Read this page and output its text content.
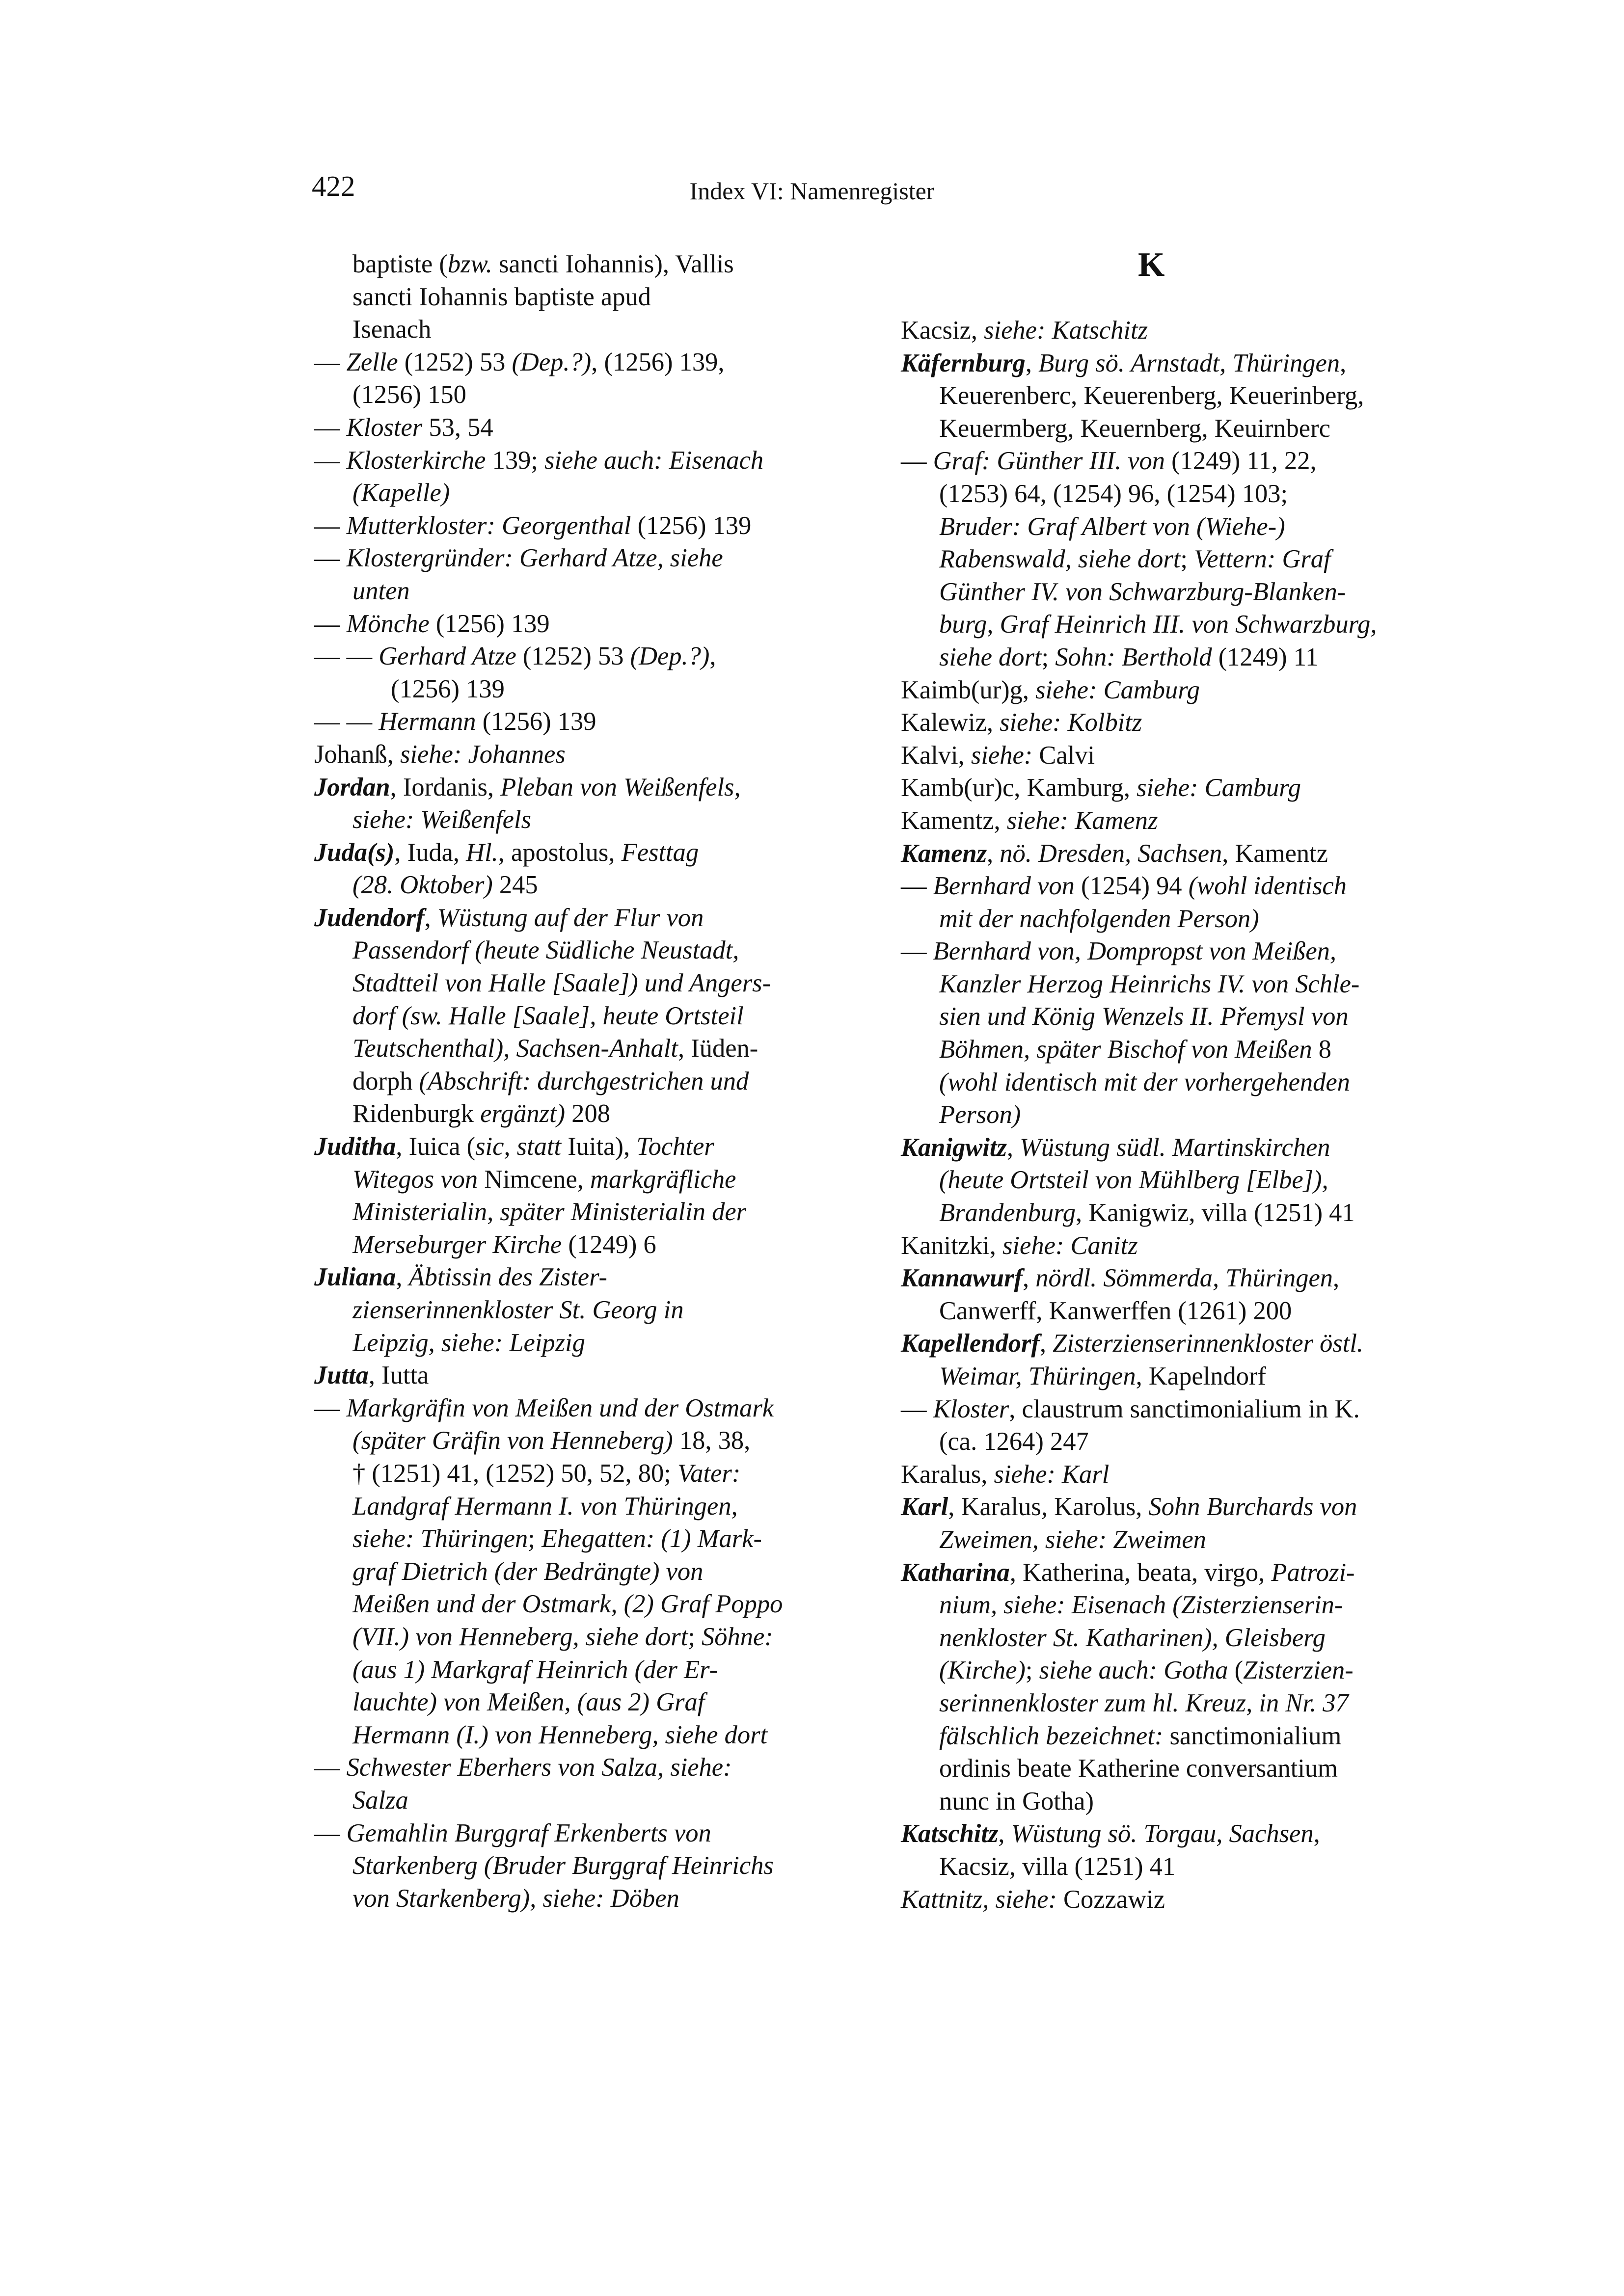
422	Index VI: Namenregister
baptiste (bzw. sancti Iohannis), Vallis
sancti Iohannis baptiste apud
Isenach
— Zelle (1252) 53 (Dep.?), (1256) 139,
(1256) 150
— Kloster 53, 54
— Klosterkirche 139; siehe auch: Eisenach
(Kapelle)
— Mutterkloster: Georgenthal (1256) 139
— Klostergründer: Gerhard Atze, siehe
unten
— Mönche (1256) 139
— — Gerhard Atze (1252) 53 (Dep.?),
(1256) 139
— — Hermann (1256) 139
Johanß, siehe: Johannes
Jordan, Iordanis, Pleban von Weißenfels,
siehe: Weißenfels
Juda(s), Iuda, Hl., apostolus, Festtag
(28. Oktober) 245
Judendorf, Wüstung auf der Flur von
Passendorf (heute Südliche Neustadt,
Stadtteil von Halle [Saale]) und Angers-
dorf (sw. Halle [Saale], heute Ortsteil
Teutschenthal), Sachsen-Anhalt, Iüden-
dorph (Abschrift: durchgestrichen und
Ridenburgk ergänzt) 208
Juditha, Iuica (sic, statt Iuita), Tochter
Witegos von Nimcene, markgräfliche
Ministerialin, später Ministerialin der
Merseburger Kirche (1249) 6
Juliana, Äbtissin des Zister-
zienserinnenkloster St. Georg in
Leipzig, siehe: Leipzig
Jutta, Iutta
— Markgräfin von Meißen und der Ostmark
(später Gräfin von Henneberg) 18, 38,
† (1251) 41, (1252) 50, 52, 80; Vater:
Landgraf Hermann I. von Thüringen,
siehe: Thüringen; Ehegatten: (1) Mark-
graf Dietrich (der Bedrängte) von
Meißen und der Ostmark, (2) Graf Poppo
(VII.) von Henneberg, siehe dort; Söhne:
(aus 1) Markgraf Heinrich (der Er-
lauchte) von Meißen, (aus 2) Graf
Hermann (I.) von Henneberg, siehe dort
— Schwester Eberhers von Salza, siehe:
Salza
— Gemahlin Burggraf Erkenberts von
Starkenberg (Bruder Burggraf Heinrichs
von Starkenberg), siehe: Döben
K
Kacsiz, siehe: Katschitz
Käfernburg, Burg sö. Arnstadt, Thüringen,
Keuerenberc, Keuerenberg, Keuerinberg,
Keuermberg, Keuernberg, Keuirnberc
— Graf: Günther III. von (1249) 11, 22,
(1253) 64, (1254) 96, (1254) 103;
Bruder: Graf Albert von (Wiehe-)
Rabenswald, siehe dort; Vettern: Graf
Günther IV. von Schwarzburg-Blanken-
burg, Graf Heinrich III. von Schwarzburg,
siehe dort; Sohn: Berthold (1249) 11
Kaimb(ur)g, siehe: Camburg
Kalewiz, siehe: Kolbitz
Kalvi, siehe: Calvi
Kamb(ur)c, Kamburg, siehe: Camburg
Kamentz, siehe: Kamenz
Kamenz, nö. Dresden, Sachsen, Kamentz
— Bernhard von (1254) 94 (wohl identisch
mit der nachfolgenden Person)
— Bernhard von, Dompropst von Meißen,
Kanzler Herzog Heinrichs IV. von Schle-
sien und König Wenzels II. Přemysl von
Böhmen, später Bischof von Meißen 8
(wohl identisch mit der vorhergehenden
Person)
Kanigwitz, Wüstung südl. Martinskirchen
(heute Ortsteil von Mühlberg [Elbe]),
Brandenburg, Kanigwiz, villa (1251) 41
Kanitzki, siehe: Canitz
Kannawurf, nördl. Sömmerda, Thüringen,
Canwerff, Kanwerffen (1261) 200
Kapellendorf, Zisterzienserinnenkloster östl.
Weimar, Thüringen, Kapelndorf
— Kloster, claustrum sanctimonialium in K.
(ca. 1264) 247
Karalus, siehe: Karl
Karl, Karalus, Karolus, Sohn Burchards von
Zweimen, siehe: Zweimen
Katharina, Katherina, beata, virgo, Patrozi-
nium, siehe: Eisenach (Zisterzienserin-
nenkloster St. Katharinen), Gleisberg
(Kirche); siehe auch: Gotha (Zisterzien-
serinnenkloster zum hl. Kreuz, in Nr. 37
fälschlich bezeichnet: sanctimonialium
ordinis beate Katherine conversantium
nunc in Gotha)
Katschitz, Wüstung sö. Torgau, Sachsen,
Kacsiz, villa (1251) 41
Kattnitz, siehe: Cozzawiz
